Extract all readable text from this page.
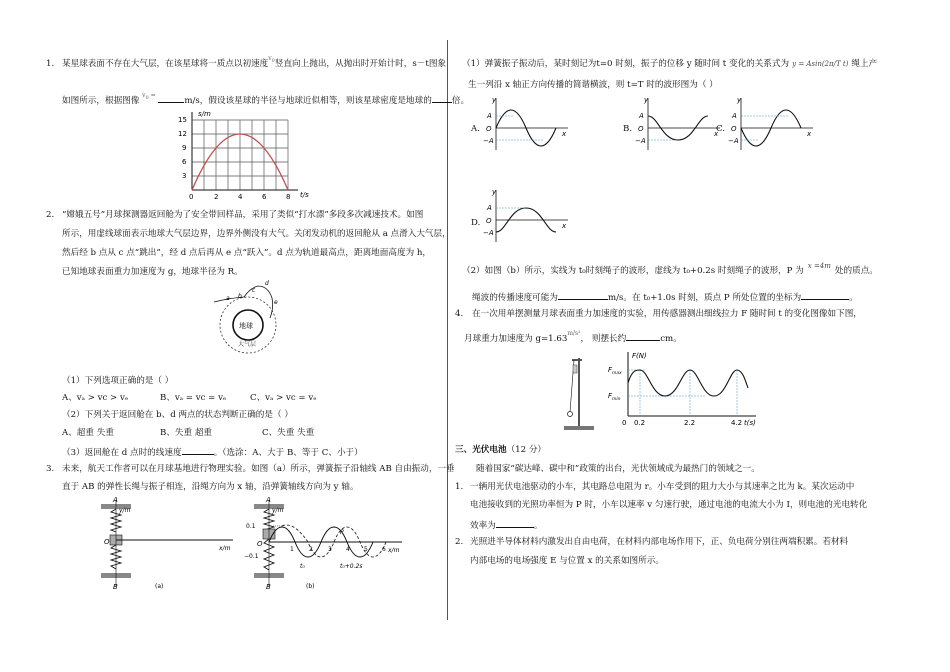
1. 某星球表面不存在大气层，在该星球将一质点以初速度$^{v_0}$竖直向上抛出，从抛出时开始计时，s－t图象
如图所示，根据图像 $^{v_0 =}$ m/s，假设该星球的半径与地球近似相等，则该星球密度是地球的 倍。
s/m
t/s
3
6
9
12
15
0	2	4	6	8
2. “嫦娥五号”月球探测器返回舱为了安全带回样品，采用了类似“打水漂”多段多次减速技术。如图
所示，用虚线球面表示地球大气层边界，边界外侧没有大气。关闭发动机的返回舱从 a 点滑入大气层，
然后经 b 点从 c 点“跳出”，经 d 点后再从 e 点“跃入”。d 点为轨道最高点，距离地面高度为 h，
已知地球表面重力加速度为 g，地球半径为 R。
地球
大气层
a b
c
d
e
（1）下列选项正确的是（ ）
A、vₐ > vc > vₑ	B、vₐ = vc = vₑ	C、vₐ > vc = vₑ
（2）下列关于返回舱在 b、d 两点的状态判断正确的是（ ）
A、超重 失重	B、失重 超重	C、失重 失重
（3）返回舱在 d 点时的线速度	。（选涂：A、大于 B、等于 C、小于）
3. 未来，航天工作者可以在月球基地进行物理实验。如图（a）所示，弹簧振子沿轴线 AB 自由振动，一垂
直于 AB 的弹性长绳与振子相连，沿绳方向为 x 轴，沿弹簧轴线方向为 y 轴。
A
y/m
O
x/m
B	(a)
A
y/m
0.1
O
−0.1
x/m
1	2	3 4 5 6
P
t₀	t₀+0.2s
B	(b)
（1）弹簧振子振动后，某时刻记为t=0 时刻，振子的位移 y 随时间 t 变化的关系式为 y = Asin(2π/T t) 绳上产
生一列沿 x 轴正方向传播的简谐横波，则 t=T 时的波形图为（ ）
A.
y
A
O
−A
x	B.
y
A
O
−A
x
C.
y
A
O
−A
x
D.
y
A
O
−A
x
（2）如图（b）所示，实线为 t₀时刻绳子的波形，虚线为 t₀+0.2s 时刻绳子的波形，P 为 $^{x =4m}$ 处的质点。
绳波的传播速度可能为	m/s。在 t₀+1.0s 时刻，质点 P 所处位置的坐标为	。
4. 在一次用单摆测量月球表面重力加速度的实验，用传感器测出细线拉力 F 随时间 t 的变化图像如下图，
月球重力加速度为 $g=1.63^{m/s^2}$， 则摆长约	cm。
F(N)
$F_{max}$
$F_{min}$
0 0.2	2.2	4.2 t(s)
三、光伏电池（12 分）
随着国家“碳达峰、碳中和”政策的出台，光伏领域成为最热门的领域之一。
1. 一辆用光伏电池驱动的小车，其电路总电阻为 r。小车受到的阻力大小与其速率之比为 k。某次运动中
电池接收到的光照功率恒为 P 时，小车以速率 v 匀速行驶，通过电池的电流大小为 I，则电池的光电转化
效率为	。
2. 光照进半导体材料内激发出自由电荷，在材料内部电场作用下，正、负电荷分别往两端积累。若材料
内部电场的电场强度 E 与位置 x 的关系如图所示。
